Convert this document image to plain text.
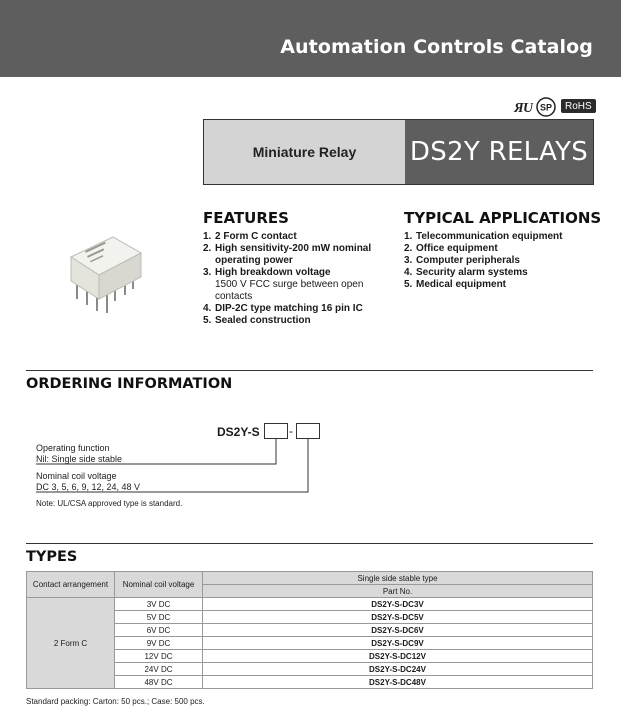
Automation Controls Catalog
Я U SP	RoHS
Miniature Relay	DS2Y RELAYS
FEATURES
1. 2 Form C contact
2. High sensitivity-200 mW nominal
operating power
3. High breakdown voltage
1500 V FCC surge between open
contacts
4. DIP-2C type matching 16 pin IC
5. Sealed construction
TYPICAL APPLICATIONS
1. Telecommunication equipment
2. Office equipment
3. Computer peripherals
4. Security alarm systems
5. Medical equipment
ORDERING INFORMATION
DS2Y-S -
Operating function
Nil: Single side stable
Nominal coil voltage
DC 3, 5, 6, 9, 12, 24, 48 V
Note: UL/CSA approved type is standard.
TYPES
Contact arrangement	Nominal coil voltage	Single side stable type
		Part No.
2 Form C	3V DC	DS2Y-S-DC3V
	5V DC	DS2Y-S-DC5V
	6V DC	DS2Y-S-DC6V
	9V DC	DS2Y-S-DC9V
	12V DC	DS2Y-S-DC12V
	24V DC	DS2Y-S-DC24V
	48V DC	DS2Y-S-DC48V
Standard packing: Carton: 50 pcs.; Case: 500 pcs.
